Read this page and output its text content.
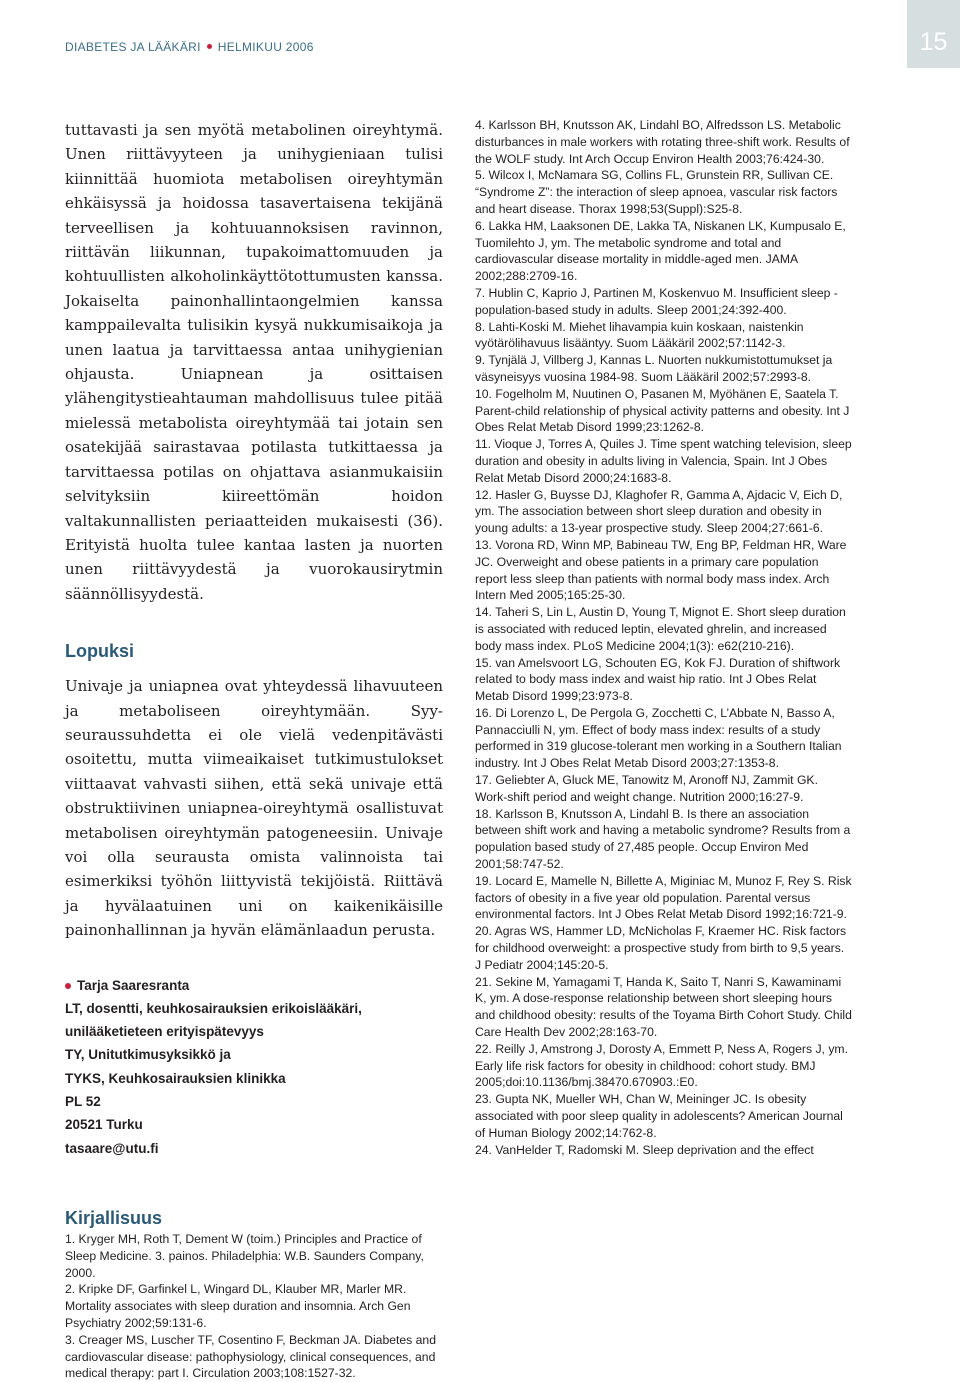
DIABETES JA LÄÄKÄRI HELMIKUU 2006	15

tuttavasti ja sen myötä metabolinen oireyhtymä. Unen riittävyyteen ja unihygieniaan tulisi kiinnittää huomiota metabolisen oireyhtymän ehkäisyssä ja hoidossa tasavertaisena tekijänä terveellisen ja kohtuuannoksisen ravinnon, riittävän liikunnan, tupakoimattomuuden ja kohtuullisten alkoholinkäyttötottumusten kanssa. Jokaiselta painonhallintaongelmien kanssa kamppailevalta tulisikin kysyä nukkumisaikoja ja unen laatua ja tarvittaessa antaa unihygienian ohjausta. Uniapnean ja osittaisen ylähengitystieahtauman mahdollisuus tulee pitää mielessä metabolista oireyhtymää tai jotain sen osatekijää sairastavaa potilasta tutkittaessa ja tarvittaessa potilas on ohjattava asianmukaisiin selvityksiin kiireettömän hoidon valtakunnallisten periaatteiden mukaisesti (36). Erityistä huolta tulee kantaa lasten ja nuorten unen riittävyydestä ja vuorokausirytmin säännöllisyydestä.

Lopuksi

Univaje ja uniapnea ovat yhteydessä lihavuuteen ja metaboliseen oireyhtymään. Syy-seuraussuhdetta ei ole vielä vedenpitävästi osoitettu, mutta viimeaikaiset tutkimustulokset viittaavat vahvasti siihen, että sekä univaje että obstruktiivinen uniapnea-oireyhtymä osallistuvat metabolisen oireyhtymän patogeneesiin. Univaje voi olla seurausta omista valinnoista tai esimerkiksi työhön liittyvistä tekijöistä. Riittävä ja hyvälaatuinen uni on kaikenikäisille painonhallinnan ja hyvän elämänlaadun perusta.

Tarja Saaresranta
LT, dosentti, keuhkosairauksien erikoislääkäri,
unilääketieteen erityispätevyys
TY, Unitutkimusyksikkö ja
TYKS, Keuhkosairauksien klinikka
PL 52
20521 Turku
tasaare@utu.fi
Kirjallisuus

1. Kryger MH, Roth T, Dement W (toim.) Principles and Practice of Sleep Medicine. 3. painos. Philadelphia: W.B. Saunders Company, 2000.

2. Kripke DF, Garfinkel L, Wingard DL, Klauber MR, Marler MR. Mortality associates with sleep duration and insomnia. Arch Gen Psychiatry 2002;59:131-6.

3. Creager MS, Luscher TF, Cosentino F, Beckman JA. Diabetes and cardiovascular disease: pathophysiology, clinical consequences, and medical therapy: part I. Circulation 2003;108:1527-32.

4. Karlsson BH, Knutsson AK, Lindahl BO, Alfredsson LS. Metabolic disturbances in male workers with rotating three-shift work. Results of the WOLF study. Int Arch Occup Environ Health 2003;76:424-30.

5. Wilcox I, McNamara SG, Collins FL, Grunstein RR, Sullivan CE. “Syndrome Z”: the interaction of sleep apnoea, vascular risk factors and heart disease. Thorax 1998;53(Suppl):S25-8.

6. Lakka HM, Laaksonen DE, Lakka TA, Niskanen LK, Kumpusalo E, Tuomilehto J, ym. The metabolic syndrome and total and cardiovascular disease mortality in middle-aged men. JAMA 2002;288:2709-16.

7. Hublin C, Kaprio J, Partinen M, Koskenvuo M. Insufficient sleep - population-based study in adults. Sleep 2001;24:392-400.

8. Lahti-Koski M. Miehet lihavampia kuin koskaan, naistenkin vyötärölihavuus lisääntyy. Suom Lääkäril 2002;57:1142-3.

9. Tynjälä J, Villberg J, Kannas L. Nuorten nukkumistottumukset ja väsyneisyys vuosina 1984-98. Suom Lääkäril 2002;57:2993-8.

10. Fogelholm M, Nuutinen O, Pasanen M, Myöhänen E, Saatela T. Parent-child relationship of physical activity patterns and obesity. Int J Obes Relat Metab Disord 1999;23:1262-8.

11. Vioque J, Torres A, Quiles J. Time spent watching television, sleep duration and obesity in adults living in Valencia, Spain. Int J Obes Relat Metab Disord 2000;24:1683-8.

12. Hasler G, Buysse DJ, Klaghofer R, Gamma A, Ajdacic V, Eich D, ym. The association between short sleep duration and obesity in young adults: a 13-year prospective study. Sleep 2004;27:661-6.

13. Vorona RD, Winn MP, Babineau TW, Eng BP, Feldman HR, Ware JC. Overweight and obese patients in a primary care population report less sleep than patients with normal body mass index. Arch Intern Med 2005;165:25-30.

14. Taheri S, Lin L, Austin D, Young T, Mignot E. Short sleep duration is associated with reduced leptin, elevated ghrelin, and increased body mass index. PLoS Medicine 2004;1(3): e62(210-216).

15. van Amelsvoort LG, Schouten EG, Kok FJ. Duration of shiftwork related to body mass index and waist hip ratio. Int J Obes Relat Metab Disord 1999;23:973-8.

16. Di Lorenzo L, De Pergola G, Zocchetti C, L’Abbate N, Basso A, Pannacciulli N, ym. Effect of body mass index: results of a study performed in 319 glucose-tolerant men working in a Southern Italian industry. Int J Obes Relat Metab Disord 2003;27:1353-8.

17. Geliebter A, Gluck ME, Tanowitz M, Aronoff NJ, Zammit GK. Work-shift period and weight change. Nutrition 2000;16:27-9.

18. Karlsson B, Knutsson A, Lindahl B. Is there an association between shift work and having a metabolic syndrome? Results from a population based study of 27,485 people. Occup Environ Med 2001;58:747-52.

19. Locard E, Mamelle N, Billette A, Miginiac M, Munoz F, Rey S. Risk factors of obesity in a five year old population. Parental versus environmental factors. Int J Obes Relat Metab Disord 1992;16:721-9.

20. Agras WS, Hammer LD, McNicholas F, Kraemer HC. Risk factors for childhood overweight: a prospective study from birth to 9,5 years. J Pediatr 2004;145:20-5.

21. Sekine M, Yamagami T, Handa K, Saito T, Nanri S, Kawaminami K, ym. A dose-response relationship between short sleeping hours and childhood obesity: results of the Toyama Birth Cohort Study. Child Care Health Dev 2002;28:163-70.

22. Reilly J, Amstrong J, Dorosty A, Emmett P, Ness A, Rogers J, ym. Early life risk factors for obesity in childhood: cohort study. BMJ 2005;doi:10.1136/bmj.38470.670903.:E0.

23. Gupta NK, Mueller WH, Chan W, Meininger JC. Is obesity associated with poor sleep quality in adolescents? American Journal of Human Biology 2002;14:762-8.

24. VanHelder T, Radomski M. Sleep deprivation and the effect
